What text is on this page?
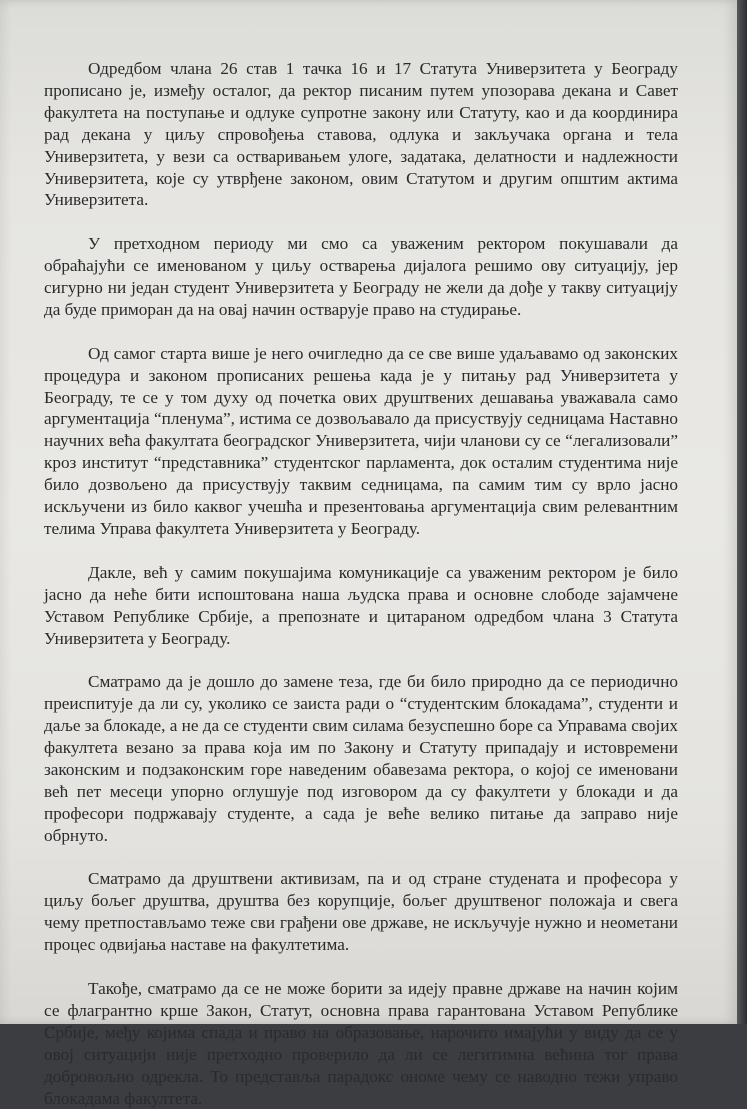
Одредбом члана 26 став 1 тачка 16 и 17 Статута Универзитета у Београду прописано је, између осталог, да ректор писаним путем упозорава декана и Савет факултета на поступање и одлуке супротне закону или Статуту, као и да координира рад декана у циљу спровођења ставова, одлука и закључака органа и тела Универзитета, у вези са остваривањем улоге, задатака, делатности и надлежности Универзитета, које су утврђене законом, овим Статутом и другим општим актима Универзитета.

У претходном периоду ми смо са уваженим ректором покушавали да обраћајући се именованом у циљу остварења дијалога решимо ову ситуацију, јер сигурно ни један студент Универзитета у Београду не жели да дође у такву ситуацију да буде приморан да на овај начин остварује право на студирање.

Од самог старта више је него очигледно да се све више удаљавамо од законских процедура и законом прописаних решења када је у питању рад Универзитета у Београду, те се у том духу од почетка ових друштвених дешавања уважавала само аргументација “пленума”, истима се дозвољавало да присуствују седницама Наставно научних већа факултата београдског Универзитета, чији чланови су се “легализовали” кроз институт “представника” студентског парламента, док осталим студентима није било дозвољено да присуствују таквим седницама, па самим тим су врло јасно искључени из било каквог учешћа и презентовања аргументација свим релевантним телима Управа факултета Универзитета у Београду.

Дакле, већ у самим покушајима комуникације са уваженим ректором је било јасно да неће бити испоштована наша људска права и основне слободе зајамчене Уставом Републике Србије, а препознате и цитараном одредбом члана 3 Статута Универзитета у Београду.

Сматрамо да је дошло до замене теза, где би било природно да се периодично преиспитује да ли су, уколико се заиста ради о “студентским блокадама”, студенти и даље за блокаде, а не да се студенти свим силама безуспешно боре са Управама својих факултета везано за права која им по Закону и Статуту припадају и истовремени законским и подзаконским горе наведеним обавезама ректора, о којој се именовани већ пет месеци упорно оглушује под изговором да су факултети у блокади и да професори подржавају студенте, а сада је веће велико питање да заправо није обрнуто.

Сматрамо да друштвени активизам, па и од стране студената и професора у циљу бољег друштва, друштва без корупције, бољег друштвеног положаја и свега чему претпостављамо теже сви грађени ове државе, не искључује нужно и неометани процес одвијања наставе на факултетима.

Такође, сматрамо да се не може борити за идеју правне државе на начин којим се флагрантно крше Закон, Статут, основна права гарантована Уставом Републике Србије, међу којима спада и право на образовање, нарочито имајући у виду да се у овој ситуацији није претходно проверило да ли се легитимна већина тог права добровољно одрекла. То представља парадокс ономе чему се наводно тежи управо блокадама факултета.
